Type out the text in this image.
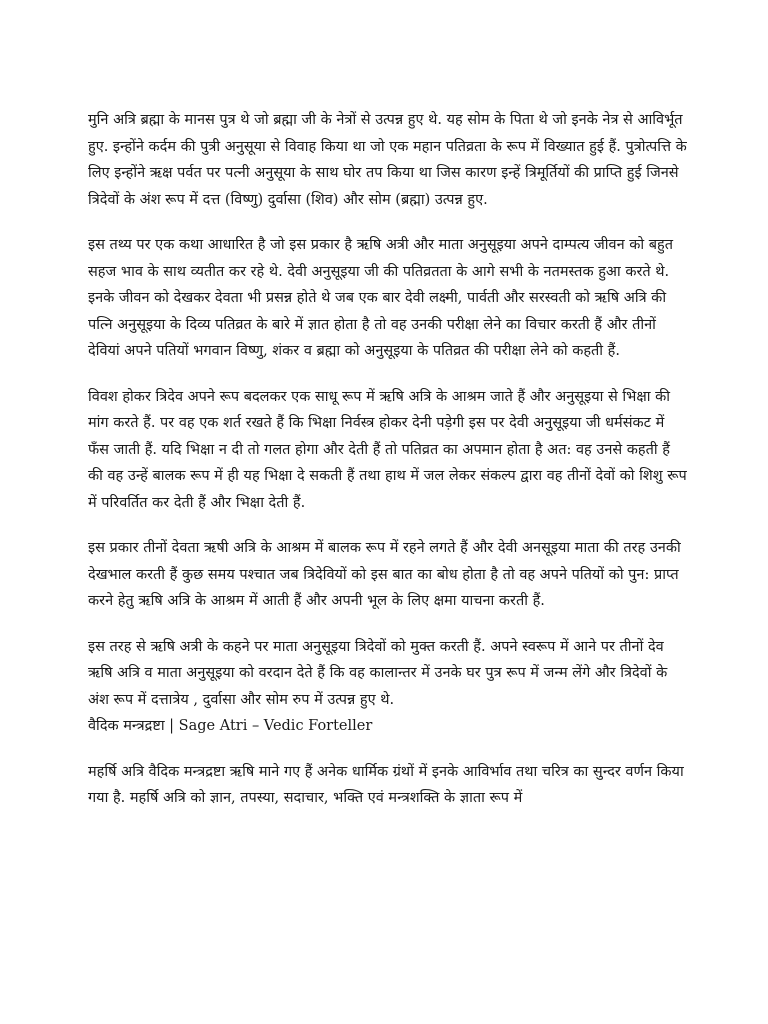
मुनि अत्रि ब्रह्मा के मानस पुत्र थे जो ब्रह्मा जी के नेत्रों से उत्पन्न हुए थे. यह सोम के पिता थे जो इनके नेत्र से आविर्भूत हुए. इन्होंने कर्दम की पुत्री अनुसूया से विवाह किया था जो एक महान पतिव्रता के रूप में विख्यात हुई हैं. पुत्रोत्पत्ति के लिए इन्होंने ऋक्ष पर्वत पर पत्नी अनुसूया के साथ घोर तप किया था जिस कारण इन्हें त्रिमूर्तियों की प्राप्ति हुई जिनसे त्रिदेवों के अंश रूप में दत्त (विष्णु) दुर्वासा (शिव) और सोम (ब्रह्मा) उत्पन्न हुए.

इस तथ्य पर एक कथा आधारित है जो इस प्रकार है ऋषि अत्री और माता अनुसूइया अपने दाम्पत्य जीवन को बहुत सहज भाव के साथ व्यतीत कर रहे थे. देवी अनुसूइया जी की पतिव्रतता के आगे सभी के नतमस्तक हुआ करते थे. इनके जीवन को देखकर देवता भी प्रसन्न होते थे जब एक बार देवी लक्ष्मी, पार्वती और सरस्वती को ऋषि अत्रि की पत्नि अनुसूइया के दिव्य पतिव्रत के बारे में ज्ञात होता है तो वह उनकी परीक्षा लेने का विचार करती हैं और तीनों देवियां अपने पतियों भगवान विष्णु, शंकर व ब्रह्मा को अनुसूइया के पतिव्रत की परीक्षा लेने को कहती हैं.

विवश होकर त्रिदेव अपने रूप बदलकर एक साधू रूप में ऋषि अत्रि के आश्रम जाते हैं और अनुसूइया से भिक्षा की मांग करते हैं. पर वह एक शर्त रखते हैं कि भिक्षा निर्वस्त्र होकर देनी पड़ेगी इस पर देवी अनुसूइया जी धर्मसंकट में फँस जाती हैं. यदि भिक्षा न दी तो गलत होगा और देती हैं तो पतिव्रत का अपमान होता है अत: वह उनसे कहती हैं की वह उन्हें बालक रूप में ही यह भिक्षा दे सकती हैं तथा हाथ में जल लेकर संकल्प द्वारा वह तीनों देवों को शिशु रूप में परिवर्तित कर देती हैं और भिक्षा देती हैं.

इस प्रकार तीनों देवता ऋषी अत्रि के आश्रम में बालक रूप में रहने लगते हैं और देवी अनसूइया माता की तरह उनकी देखभाल करती हैं कुछ समय पश्चात जब त्रिदेवियों को इस बात का बोध होता है तो वह अपने पतियों को पुन: प्राप्त करने हेतु ऋषि अत्रि के आश्रम में आती हैं और अपनी भूल के लिए क्षमा याचना करती हैं.

इस तरह से ऋषि अत्री के कहने पर माता अनुसूइया त्रिदेवों को मुक्त करती हैं. अपने स्वरूप में आने पर तीनों देव ऋषि अत्रि व माता अनुसूइया को वरदान देते हैं कि वह कालान्तर में उनके घर पुत्र रूप में जन्म लेंगे और त्रिदेवों के अंश रूप में दत्तात्रेय , दुर्वासा और सोम रुप में उत्पन्न हुए थे.

वैदिक मन्त्रद्रष्टा | Sage Atri – Vedic Forteller

महर्षि अत्रि वैदिक मन्त्रद्रष्टा ऋषि माने गए हैं अनेक धार्मिक ग्रंथों में इनके आविर्भाव तथा चरित्र का सुन्दर वर्णन किया गया है. महर्षि अत्रि को ज्ञान, तपस्या, सदाचार, भक्ति एवं मन्त्रशक्ति के ज्ञाता रूप में
